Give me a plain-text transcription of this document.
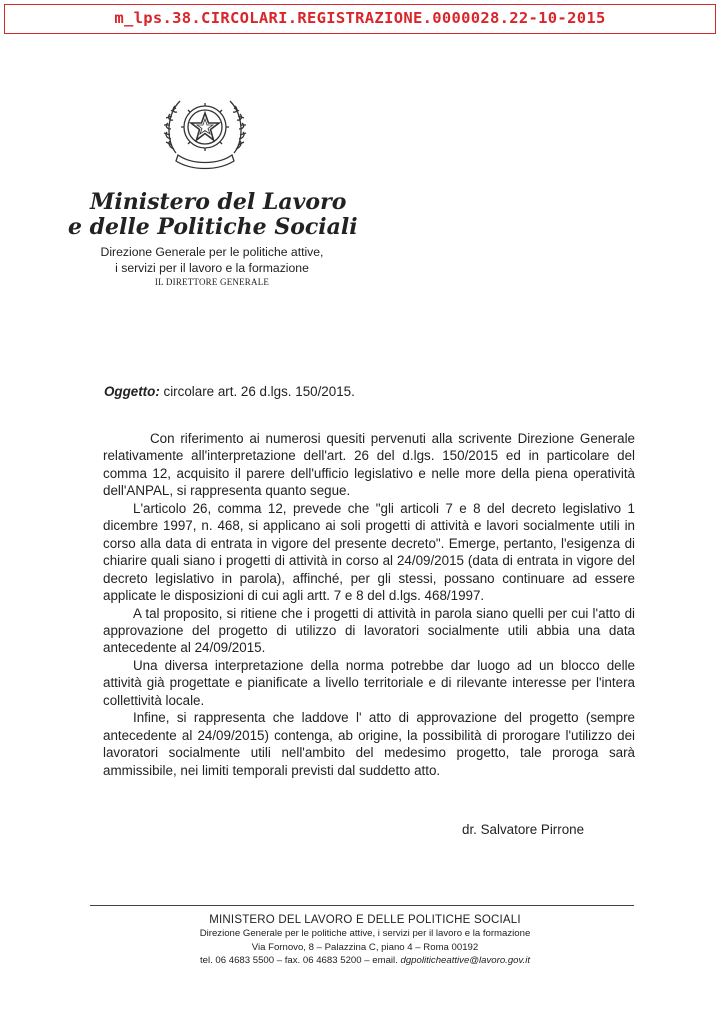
m_lps.38.CIRCOLARI.REGISTRAZIONE.0000028.22-10-2015
Ministero del Lavoro
e delle Politiche Sociali
Direzione Generale per le politiche attive,
i servizi per il lavoro e la formazione
IL DIRETTORE GENERALE
Oggetto: circolare art. 26 d.lgs. 150/2015.

Con riferimento ai numerosi quesiti pervenuti alla scrivente Direzione Generale relativamente all'interpretazione dell'art. 26 del d.lgs. 150/2015 ed in particolare del comma 12, acquisito il parere dell'ufficio legislativo e nelle more della piena operatività dell'ANPAL, si rappresenta quanto segue.

L'articolo 26, comma 12, prevede che "gli articoli 7 e 8 del decreto legislativo 1 dicembre 1997, n. 468, si applicano ai soli progetti di attività e lavori socialmente utili in corso alla data di entrata in vigore del presente decreto". Emerge, pertanto, l'esigenza di chiarire quali siano i progetti di attività in corso al 24/09/2015 (data di entrata in vigore del decreto legislativo in parola), affinché, per gli stessi, possano continuare ad essere applicate le disposizioni di cui agli artt. 7 e 8 del d.lgs. 468/1997.

A tal proposito, si ritiene che i progetti di attività in parola siano quelli per cui l'atto di approvazione del progetto di utilizzo di lavoratori socialmente utili abbia una data antecedente al 24/09/2015.

Una diversa interpretazione della norma potrebbe dar luogo ad un blocco delle attività già progettate e pianificate a livello territoriale e di rilevante interesse per l'intera collettività locale.

Infine, si rappresenta che laddove l' atto di approvazione del progetto (sempre antecedente al 24/09/2015) contenga, ab origine, la possibilità di prorogare l'utilizzo dei lavoratori socialmente utili nell'ambito del medesimo progetto, tale proroga sarà ammissibile, nei limiti temporali previsti dal suddetto atto.

dr. Salvatore Pirrone
MINISTERO DEL LAVORO E DELLE POLITICHE SOCIALI
Direzione Generale per le politiche attive, i servizi per il lavoro e la formazione
Via Fornovo, 8 – Palazzina C, piano 4 – Roma 00192
tel. 06 4683 5500 – fax. 06 4683 5200 – email. dgpoliticheattive@lavoro.gov.it
